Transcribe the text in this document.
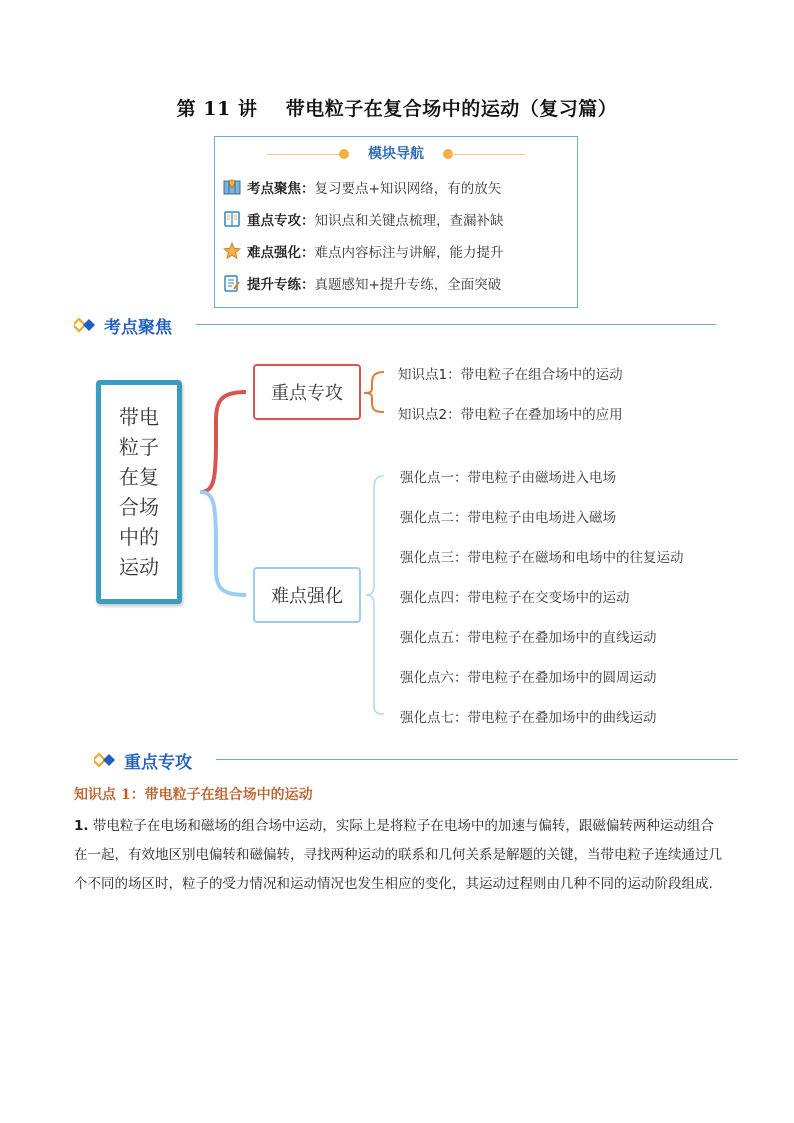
第 11 讲    带电粒子在复合场中的运动（复习篇）
模块导航
考点聚焦： 复习要点+知识网络，有的放矢
重点专攻： 知识点和关键点梳理，查漏补缺
难点强化： 难点内容标注与讲解，能力提升
提升专练： 真题感知+提升专练，全面突破
考点聚焦
带电粒子在复合场中的运动
重点专攻
难点强化
知识点1：带电粒子在组合场中的运动
知识点2：带电粒子在叠加场中的应用
强化点一：带电粒子由磁场进入电场
强化点二：带电粒子由电场进入磁场
强化点三：带电粒子在磁场和电场中的往复运动
强化点四：带电粒子在交变场中的运动
强化点五：带电粒子在叠加场中的直线运动
强化点六：带电粒子在叠加场中的圆周运动
强化点七：带电粒子在叠加场中的曲线运动
重点专攻
知识点 1：带电粒子在组合场中的运动
1. 带电粒子在电场和磁场的组合场中运动，实际上是将粒子在电场中的加速与偏转，跟磁偏转两种运动组合在一起，有效地区别电偏转和磁偏转，寻找两种运动的联系和几何关系是解题的关键，当带电粒子连续通过几个不同的场区时，粒子的受力情况和运动情况也发生相应的变化，其运动过程则由几种不同的运动阶段组成.
